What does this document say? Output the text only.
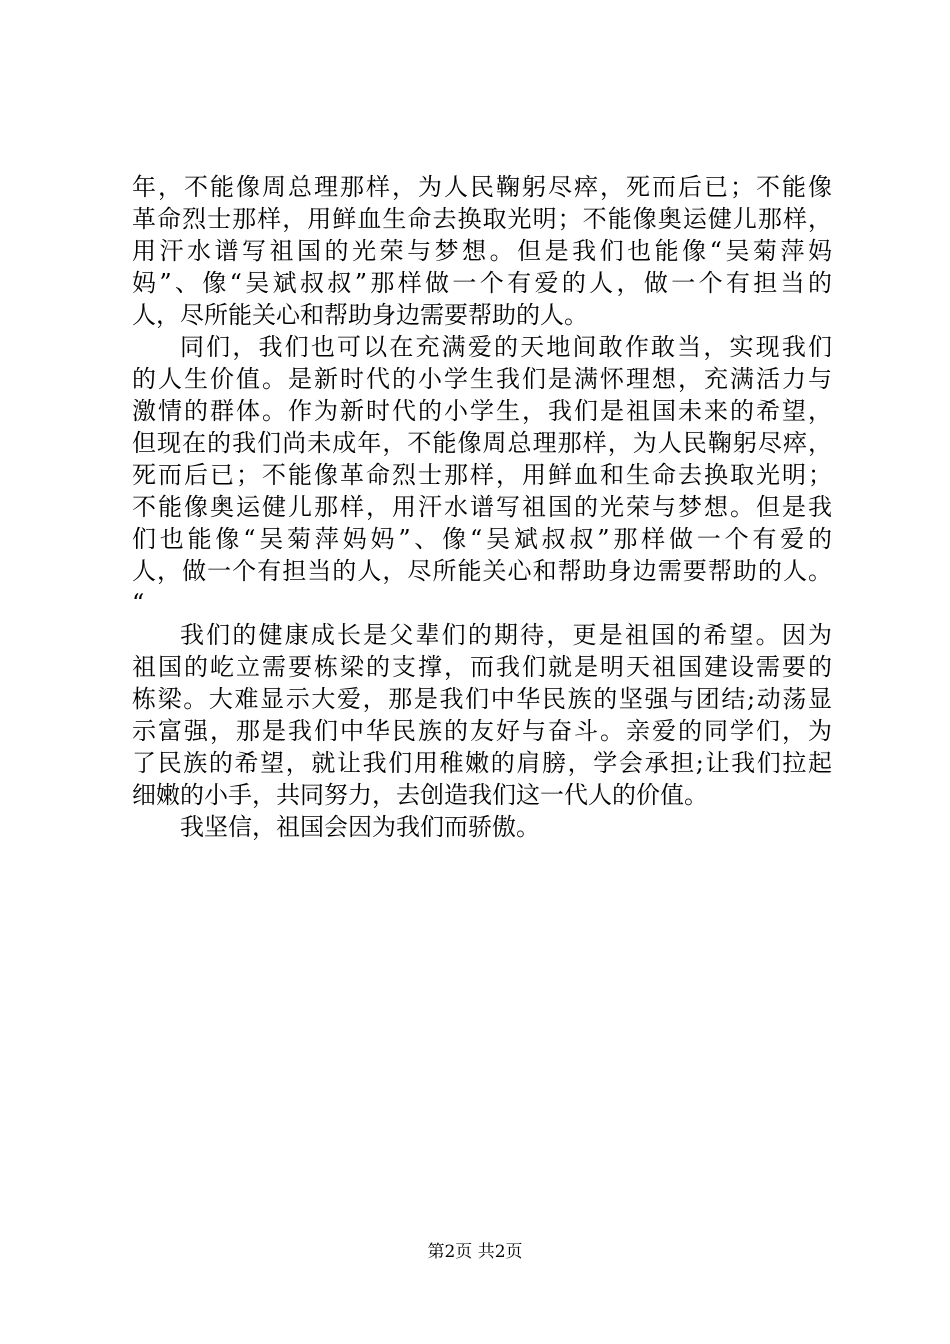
年，不能像周总理那样，为人民鞠躬尽瘁，死而后已；不能像
革命烈士那样，用鲜血生命去换取光明；不能像奥运健儿那样，
用汗水谱写祖国的光荣与梦想。但是我们也能像“吴菊萍妈
妈”、像“吴斌叔叔”那样做一个有爱的人，做一个有担当的
人，尽所能关心和帮助身边需要帮助的人。
同们，我们也可以在充满爱的天地间敢作敢当，实现我们
的人生价值。是新时代的小学生我们是满怀理想，充满活力与
激情的群体。作为新时代的小学生，我们是祖国未来的希望，
但现在的我们尚未成年，不能像周总理那样，为人民鞠躬尽瘁，
死而后已；不能像革命烈士那样，用鲜血和生命去换取光明；
不能像奥运健儿那样，用汗水谱写祖国的光荣与梦想。但是我
们也能像“吴菊萍妈妈”、像“吴斌叔叔”那样做一个有爱的
人，做一个有担当的人，尽所能关心和帮助身边需要帮助的人。
“
我们的健康成长是父辈们的期待，更是祖国的希望。因为
祖国的屹立需要栋梁的支撑，而我们就是明天祖国建设需要的
栋梁。大难显示大爱，那是我们中华民族的坚强与团结;动荡显
示富强，那是我们中华民族的友好与奋斗。亲爱的同学们，为
了民族的希望，就让我们用稚嫩的肩膀，学会承担;让我们拉起
细嫩的小手，共同努力，去创造我们这一代人的价值。
我坚信，祖国会因为我们而骄傲。
第2页 共2页
